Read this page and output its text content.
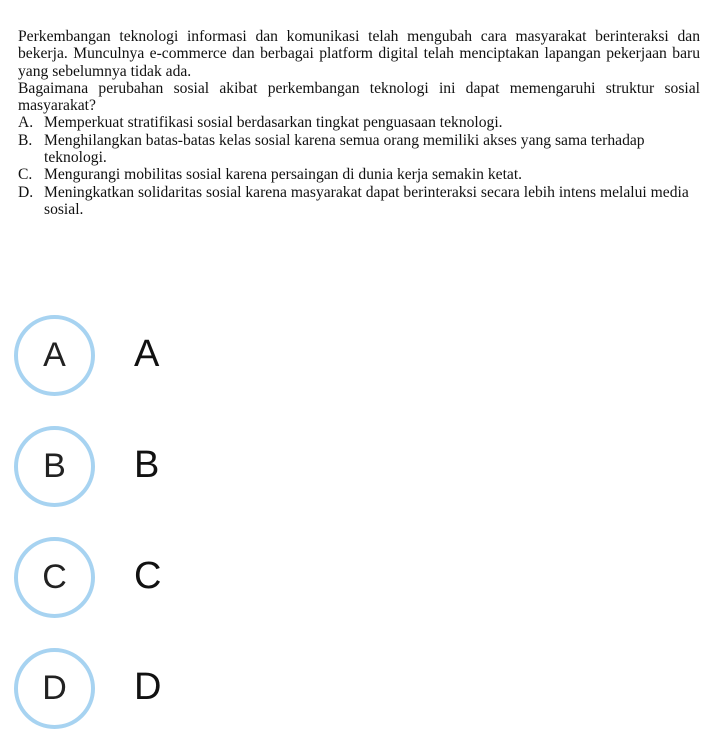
Perkembangan teknologi informasi dan komunikasi telah mengubah cara masyarakat berinteraksi dan bekerja. Munculnya e-commerce dan berbagai platform digital telah menciptakan lapangan pekerjaan baru yang sebelumnya tidak ada.

Bagaimana perubahan sosial akibat perkembangan teknologi ini dapat memengaruhi struktur sosial masyarakat?

A. Memperkuat stratifikasi sosial berdasarkan tingkat penguasaan teknologi.

B. Menghilangkan batas-batas kelas sosial karena semua orang memiliki akses yang sama terhadap teknologi.

C. Mengurangi mobilitas sosial karena persaingan di dunia kerja semakin ketat.

D. Meningkatkan solidaritas sosial karena masyarakat dapat berinteraksi secara lebih intens melalui media sosial.

A	A
B	B
C	C
D	D
